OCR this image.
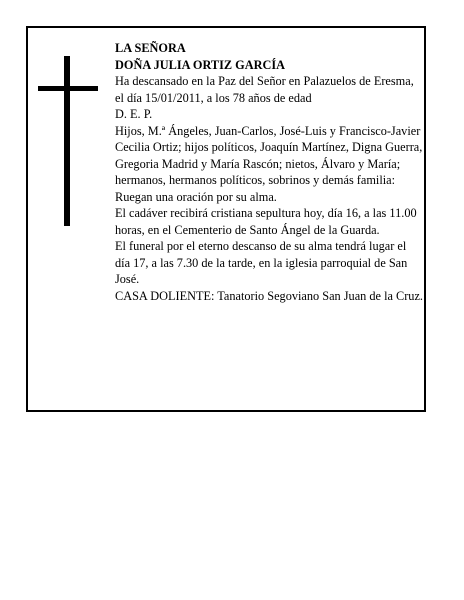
LA SEÑORA
DOÑA JULIA ORTIZ GARCÍA
Ha descansado en la Paz del Señor en Palazuelos de Eresma, el día 15/01/2011, a los 78 años de edad
D. E. P.
Hijos, M.ª Ángeles, Juan-Carlos, José-Luis y Francisco-Javier Cecilia Ortiz; hijos políticos, Joaquín Martínez, Digna Guerra, Gregoria Madrid y María Rascón; nietos, Álvaro y María; hermanos, hermanos políticos, sobrinos y demás familia:
Ruegan una oración por su alma.
El cadáver recibirá cristiana sepultura hoy, día 16, a las 11.00 horas, en el Cementerio de Santo Ángel de la Guarda.
El funeral por el eterno descanso de su alma tendrá lugar el día 17, a las 7.30 de la tarde, en la iglesia parroquial de San José.
CASA DOLIENTE: Tanatorio Segoviano San Juan de la Cruz.
